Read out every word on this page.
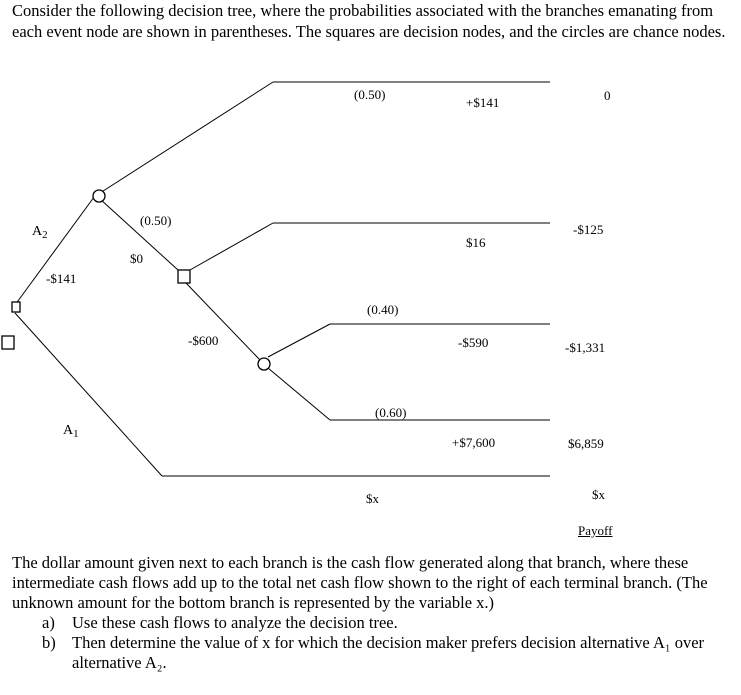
Consider the following decision tree, where the probabilities associated with the branches emanating from each event node are shown in parentheses. The squares are decision nodes, and the circles are chance nodes.

$A_2$
$A_1$
-$141
$0
(0.50)
-$600
(0.50)
+$141
$16
(0.40)
-$590
(0.60)
+$7,600
$x
0
-$125
-$1,331
$6,859
$x
Payoff

The dollar amount given next to each branch is the cash flow generated along that branch, where these intermediate cash flows add up to the total net cash flow shown to the right of each terminal branch. (The unknown amount for the bottom branch is represented by the variable x.)

a) Use these cash flows to analyze the decision tree.
b) Then determine the value of x for which the decision maker prefers decision alternative A₁ over alternative A₂.
